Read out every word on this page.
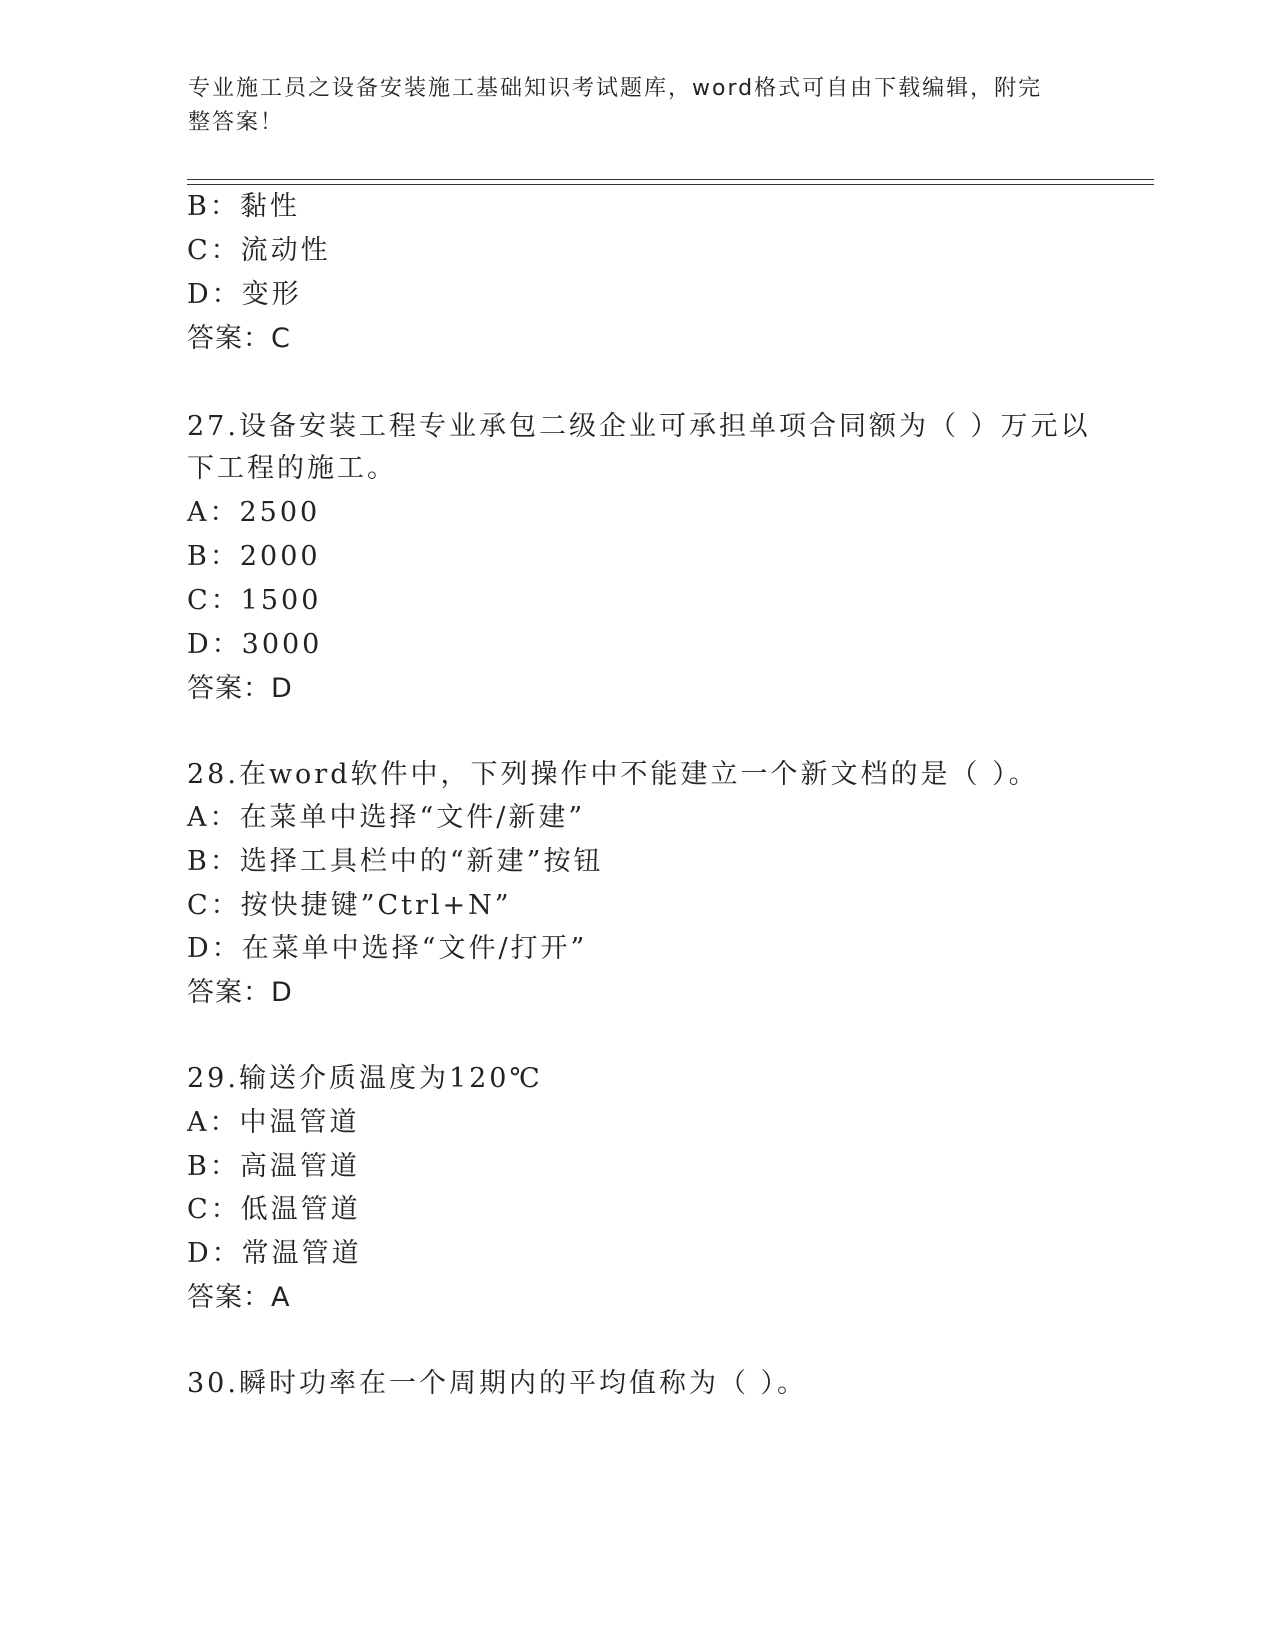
专业施工员之设备安装施工基础知识考试题库，word格式可自由下载编辑，附完
整答案！
B：黏性
C：流动性
D：变形
答案：C
27.设备安装工程专业承包二级企业可承担单项合同额为（ ）万元以
下工程的施工。
A：2500
B：2000
C：1500
D：3000
答案：D
28.在word软件中，下列操作中不能建立一个新文档的是（ ）。
A：在菜单中选择“文件/新建”
B：选择工具栏中的“新建”按钮
C：按快捷键”Ctrl+N”
D：在菜单中选择“文件/打开”
答案：D
29.输送介质温度为120℃
A：中温管道
B：高温管道
C：低温管道
D：常温管道
答案：A
30.瞬时功率在一个周期内的平均值称为（ ）。
